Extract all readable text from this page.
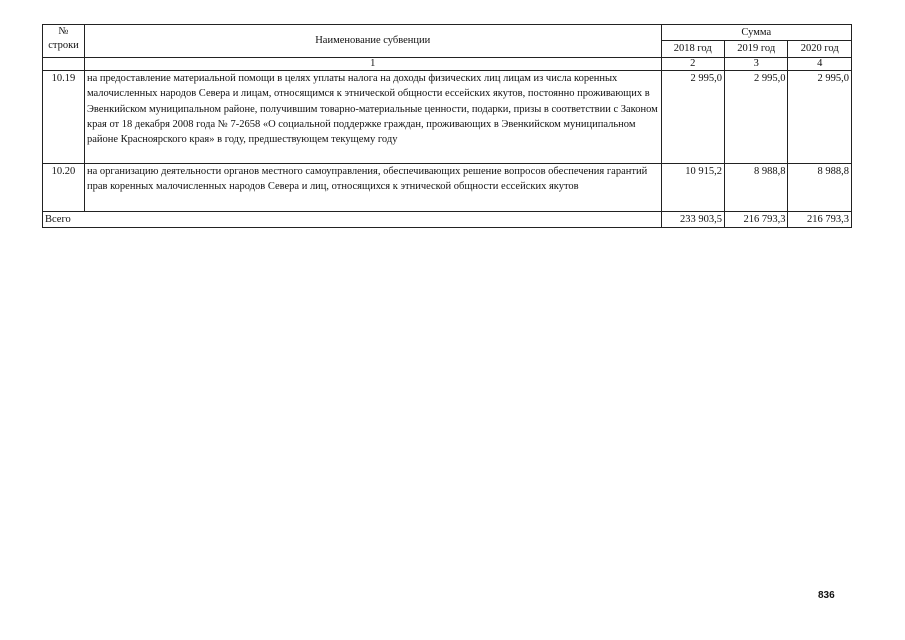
№
строки	Наименование субвенции	Сумма		
		2018 год	2019 год	2020 год
	1	2	3	4
10.19	на предоставление материальной помощи в целях уплаты налога на доходы физических лиц лицам из числа коренных малочисленных народов Севера и лицам, относящимся к этнической общности ессейских якутов, постоянно проживающих в Эвенкийском муниципальном районе, получившим товарно-материальные ценности, подарки, призы в соответствии с Законом края от 18 декабря 2008 года № 7-2658 «О социальной поддержке граждан, проживающих в Эвенкийском муниципальном районе Красноярского края» в году, предшествующем текущему году	2 995,0	2 995,0	2 995,0
10.20	на организацию деятельности органов местного самоуправления, обеспечивающих решение вопросов обеспечения гарантий прав коренных малочисленных народов Севера и лиц, относящихся к этнической общности ессейских якутов	10 915,2	8 988,8	8 988,8
Всего		233 903,5	216 793,3	216 793,3
836
